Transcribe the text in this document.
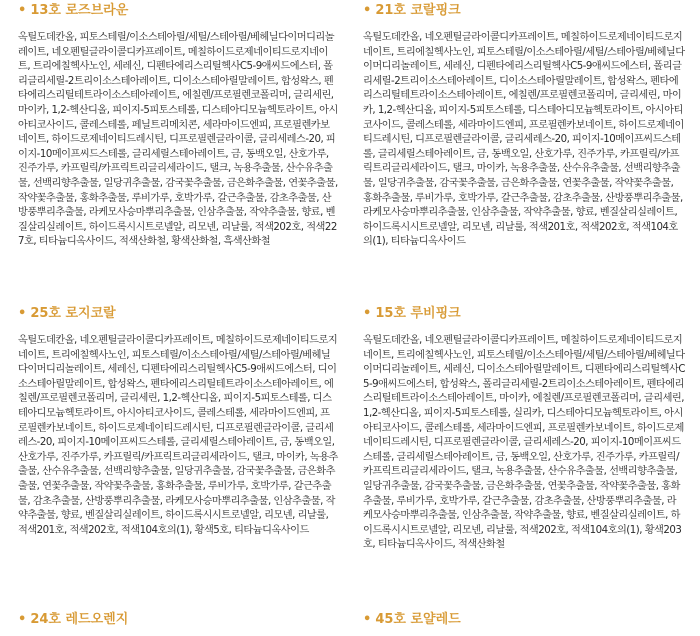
• 13호 로즈브라운
옥틸도데칸올, 피토스테릴/이소스테아릴/세틸/스테아릴/베헤닐다이머디리놀레이트, 네오펜틸글라이콜디카프레이트, 메칠하이드로제네이티드로지네이트, 트리에칠헥사노인, 세레신, 디펜타에리스리틸헥사C5-9애씨드에스터, 폴리글리세릴-2트리이소스테아레이트, 디이소스테아릴말레이트, 합성왁스, 펜타에리스리틸테트라이소스테아레이트, 에칠렌/프로필렌코폴리머, 글리세린, 마이카, 1,2-헥산디올, 피이지-5피토스테롤, 디스테아디모늄헥토라이트, 아시아티코사이드, 콜레스테롤, 페닐트리메치콘, 세라마이드엔피, 프로필렌카보네이트, 하이드로제네이티드레시틴, 디프로필렌글라이콜, 글리세레스-20, 피이지-10메이프씨드스테롤, 글리세릴스테아레이트, 금, 동백오일, 산호가루, 진주가루, 카프릴릭/카프릭트리글리세라이드, 탤크, 녹용추출물, 산수유추출물, 선백리향추출물, 일당귀추출물, 감국꽃추출물, 금은화추출물, 연꽃추출물, 작약꽃추출물, 홍화추출물, 루비가루, 호박가루, 갈근추출물, 감초추출물, 산방풍뿌리추출물, 라케모사승마뿌리추출물, 인삼추출물, 작약추출물, 향료, 벤질살리실레이트, 하이드록시시트로넬알, 리모넨, 리날룰, 적색202호, 적색227호, 티타늄디옥사이드, 적색산화철, 황색산화철, 흑색산화철
• 21호 코랄핑크
옥틸도데칸올, 네오펜틸글라이콜디카프레이트, 메칠하이드로제네이티드로지네이트, 트리에칠헥사노인, 피토스테릴/이소스테아릴/세틸/스테아릴/베헤닐다이머디리놀레이트, 세레신, 디펜타에리스리틸헥사C5-9애씨드에스터, 폴리글리세릴-2트리이소스테아레이트, 디이소스테아릴말레이트, 합성왁스, 펜타에리스리틸테트라이소스테아레이트, 에칠렌/프로필렌코폴리머, 글리세린, 마이카, 1,2-헥산디올, 피이지-5피토스테롤, 디스테아디모늄헥토라이트, 아시아티코사이드, 콜레스테롤, 세라마이드엔피, 프로필렌카보네이트, 하이드로제네이티드레시틴, 디프로필렌글라이콜, 글리세레스-20, 피이지-10메이프씨드스테롤, 글리세릴스테아레이트, 금, 동백오일, 산호가루, 진주가루, 카프릴릭/카프릭트리글리세라이드, 탤크, 마이카, 녹용추출물, 산수유추출물, 선백리향추출물, 일당귀추출물, 감국꽃추출물, 금은화추출물, 연꽃추출물, 작약꽃추출물, 홍화추출물, 루비가루, 호박가루, 갈근추출물, 감초추출물, 산방풍뿌리추출물, 라케모사승마뿌리추출물, 인삼추출물, 작약추출물, 향료, 벤질살리실레이트, 하이드록시시트로넬알, 리모넨, 리날룰, 적색201호, 적색202호, 적색104호의(1), 티타늄디옥사이드
• 25호 로지코랄
옥틸도데칸올, 네오펜틸글라이콜디카프레이트, 메칠하이드로제네이티드로지네이트, 트리에칠헥사노인, 피토스테릴/이소스테아릴/세틸/스테아릴/베헤닐다이머디리놀레이트, 세레신, 디펜타에리스리틸헥사C5-9애씨드에스터, 디이소스테아릴말레이트, 합성왁스, 펜타에리스리틸테트라이소스테아레이트, 에칠렌/프로필렌코폴리머, 글리세린, 1,2-헥산디올, 피이지-5피토스테롤, 디스테아디모늄헥토라이트, 아시아티코사이드, 콜레스테롤, 세라마이드엔피, 프로필렌카보네이트, 하이드로제네이티드레시틴, 디프로필렌글라이콜, 글리세레스-20, 피이지-10메이프씨드스테롤, 글리세릴스테아레이트, 금, 동백오일, 산호가루, 진주가루, 카프릴릭/카프릭트리글리세라이드, 탤크, 마이카, 녹용추출물, 산수유추출물, 선백리향추출물, 일당귀추출물, 감국꽃추출물, 금은화추출물, 연꽃추출물, 작약꽃추출물, 홍화추출물, 루비가루, 호박가루, 갈근추출물, 감초추출물, 산방풍뿌리추출물, 라케모사승마뿌리추출물, 인삼추출물, 작약추출물, 향료, 벤질살리실레이트, 하이드록시시트로넬알, 리모넨, 리날룰, 적색201호, 적색202호, 적색104호의(1), 황색5호, 티타늄디옥사이드
• 15호 루비핑크
옥틸도데칸올, 네오펜틸글라이콜디카프레이트, 메칠하이드로제네이티드로지네이트, 트리에칠헥사노인, 피토스테릴/이소스테아릴/세틸/스테아릴/베헤닐다이머디리놀레이트, 세레신, 디이소스테아릴말레이트, 디펜타에리스리틸헥사C5-9애씨드에스터, 합성왁스, 폴리글리세릴-2트리이소스테아레이트, 펜타에리스리틸테트라이소스테아레이트, 마이카, 에칠렌/프로필렌코폴리머, 글리세린, 1,2-헥산디올, 피이지-5피토스테롤, 실리카, 디스테아디모늄헥토라이트, 아시아티코사이드, 콜레스테롤, 세라마이드엔피, 프로필렌카보네이트, 하이드로제네이티드레시틴, 디프로필렌글라이콜, 글리세레스-20, 피이지-10메이프씨드스테롤, 글리세릴스테아레이트, 금, 동백오일, 산호가루, 진주가루, 카프릴릭/카프릭트리글리세라이드, 탤크, 녹용추출물, 산수유추출물, 선백리향추출물, 일당귀추출물, 감국꽃추출물, 금은화추출물, 연꽃추출물, 작약꽃추출물, 홍화추출물, 루비가루, 호박가루, 갈근추출물, 감초추출물, 산방풍뿌리추출물, 라케모사승마뿌리추출물, 인삼추출물, 작약추출물, 향료, 벤질살리실레이트, 하이드록시시트로넬알, 리모넨, 리날룰, 적색202호, 적색104호의(1), 황색203호, 티타늄디옥사이드, 적색산화철
• 24호 레드오렌지	• 45호 로얄레드
